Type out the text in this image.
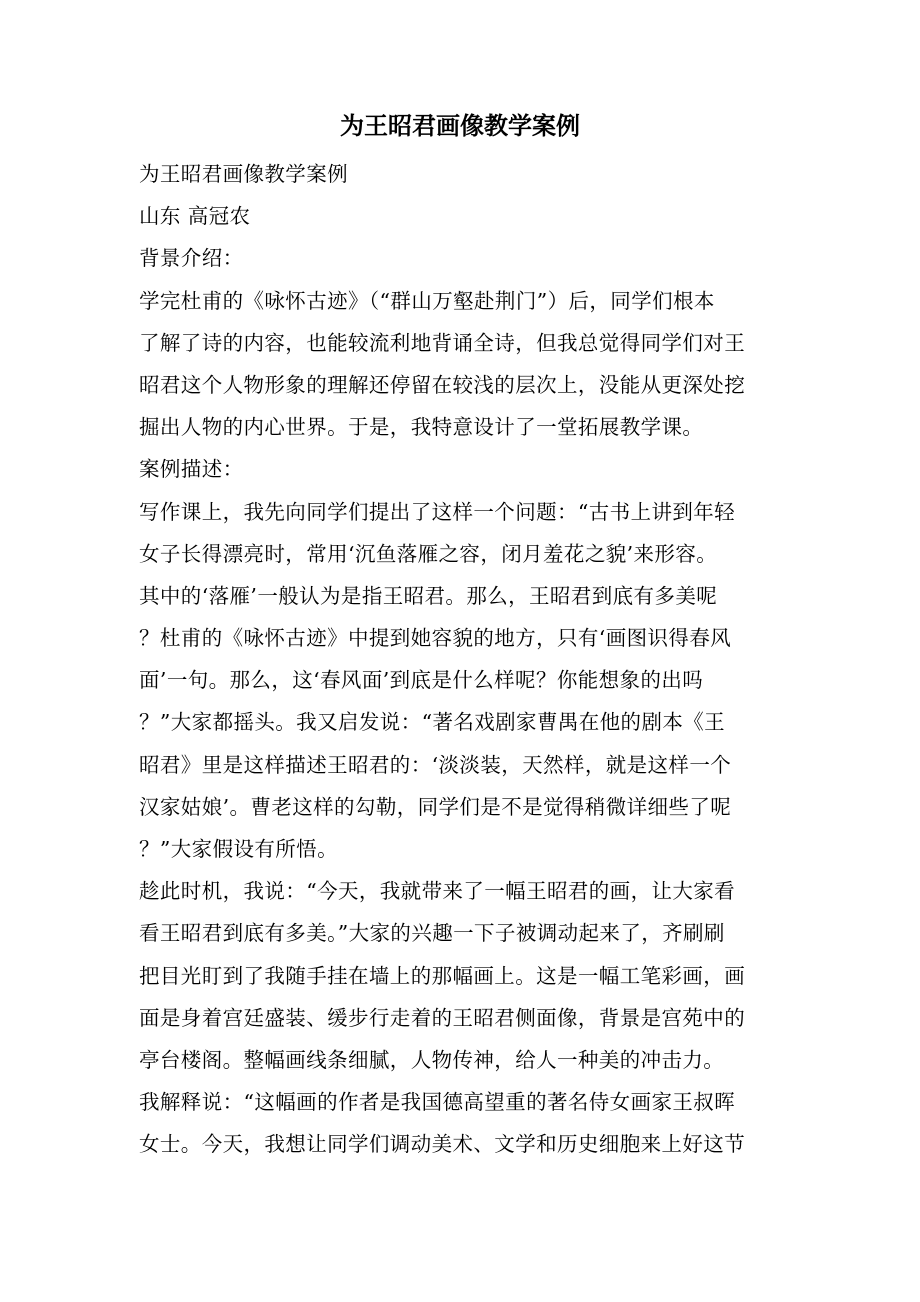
为王昭君画像教学案例
为王昭君画像教学案例
山东 高冠农
背景介绍：
学完杜甫的《咏怀古迹》（“群山万壑赴荆门”）后，同学们根本
了解了诗的内容，也能较流利地背诵全诗，但我总觉得同学们对王
昭君这个人物形象的理解还停留在较浅的层次上，没能从更深处挖
掘出人物的内心世界。于是，我特意设计了一堂拓展教学课。
案例描述：
写作课上，我先向同学们提出了这样一个问题：“古书上讲到年轻
女子长得漂亮时，常用‘沉鱼落雁之容，闭月羞花之貌’来形容。
其中的‘落雁’一般认为是指王昭君。那么，王昭君到底有多美呢
？杜甫的《咏怀古迹》中提到她容貌的地方，只有‘画图识得春风
面’一句。那么，这‘春风面’到底是什么样呢？你能想象的出吗
？”大家都摇头。我又启发说：“著名戏剧家曹禺在他的剧本《王
昭君》里是这样描述王昭君的：‘淡淡装，天然样，就是这样一个
汉家姑娘’。曹老这样的勾勒，同学们是不是觉得稍微详细些了呢
？”大家假设有所悟。
趁此时机，我说：“今天，我就带来了一幅王昭君的画，让大家看
看王昭君到底有多美。”大家的兴趣一下子被调动起来了，齐刷刷
把目光盯到了我随手挂在墙上的那幅画上。这是一幅工笔彩画，画
面是身着宫廷盛装、缓步行走着的王昭君侧面像，背景是宫苑中的
亭台楼阁。整幅画线条细腻，人物传神，给人一种美的冲击力。
我解释说：“这幅画的作者是我国德高望重的著名侍女画家王叔晖
女士。今天，我想让同学们调动美术、文学和历史细胞来上好这节
